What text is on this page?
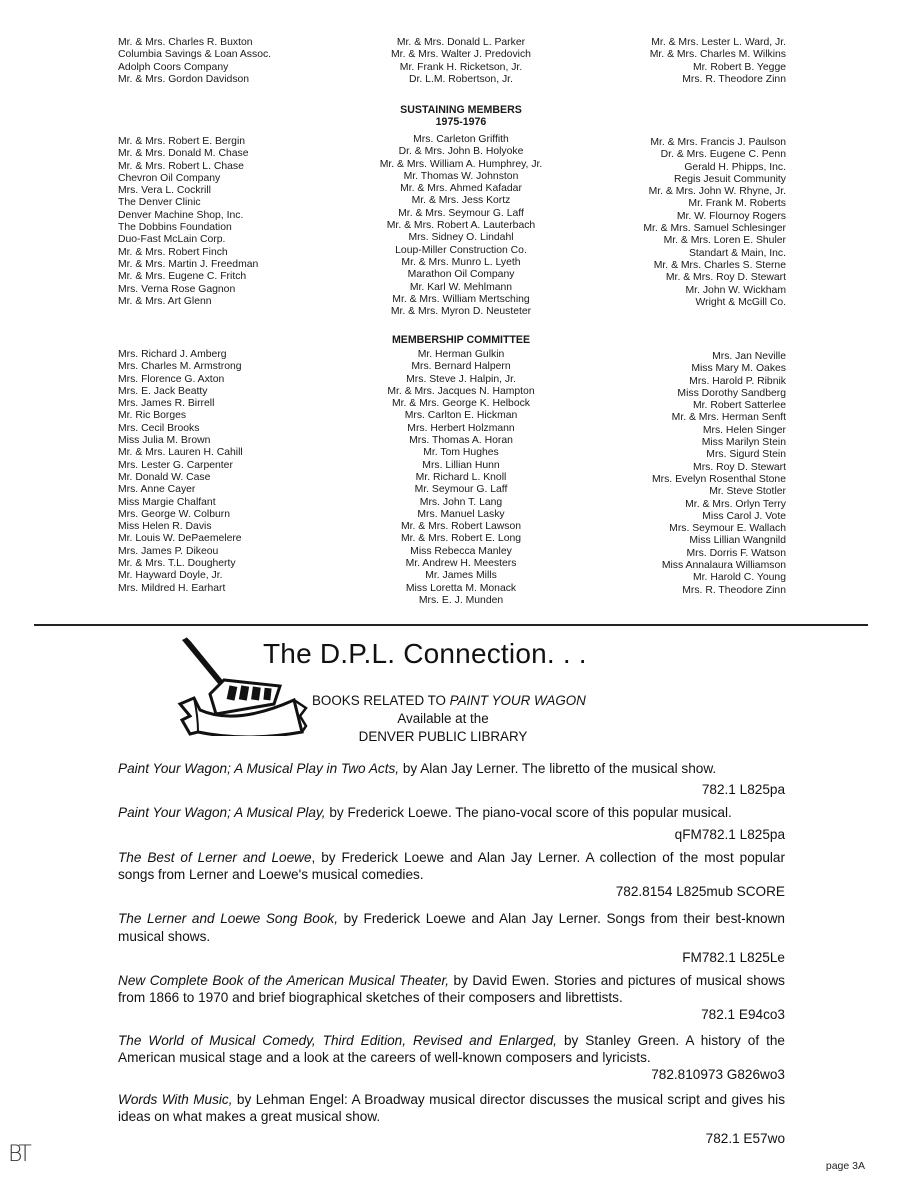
Mr. & Mrs. Charles R. Buxton
Columbia Savings & Loan Assoc.
Adolph Coors Company
Mr. & Mrs. Gordon Davidson
Mr. & Mrs. Donald L. Parker
Mr. & Mrs. Walter J. Predovich
Mr. Frank H. Ricketson, Jr.
Dr. L.M. Robertson, Jr.
Mr. & Mrs. Lester L. Ward, Jr.
Mr. & Mrs. Charles M. Wilkins
Mr. Robert B. Yegge
Mrs. R. Theodore Zinn
SUSTAINING MEMBERS
1975-1976
Mr. & Mrs. Robert E. Bergin
Mr. & Mrs. Donald M. Chase
Mr. & Mrs. Robert L. Chase
Chevron Oil Company
Mrs. Vera L. Cockrill
The Denver Clinic
Denver Machine Shop, Inc.
The Dobbins Foundation
Duo-Fast McLain Corp.
Mr. & Mrs. Robert Finch
Mr. & Mrs. Martin J. Freedman
Mr. & Mrs. Eugene C. Fritch
Mrs. Verna Rose Gagnon
Mr. & Mrs. Art Glenn
Mrs. Carleton Griffith
Dr. & Mrs. John B. Holyoke
Mr. & Mrs. William A. Humphrey, Jr.
Mr. Thomas W. Johnston
Mr. & Mrs. Ahmed Kafadar
Mr. & Mrs. Jess Kortz
Mr. & Mrs. Seymour G. Laff
Mr. & Mrs. Robert A. Lauterbach
Mrs. Sidney O. Lindahl
Loup-Miller Construction Co.
Mr. & Mrs. Munro L. Lyeth
Marathon Oil Company
Mr. Karl W. Mehlmann
Mr. & Mrs. William Mertsching
Mr. & Mrs. Myron D. Neusteter
Mr. & Mrs. Francis J. Paulson
Dr. & Mrs. Eugene C. Penn
Gerald H. Phipps, Inc.
Regis Jesuit Community
Mr. & Mrs. John W. Rhyne, Jr.
Mr. Frank M. Roberts
Mr. W. Flournoy Rogers
Mr. & Mrs. Samuel Schlesinger
Mr. & Mrs. Loren E. Shuler
Standart & Main, Inc.
Mr. & Mrs. Charles S. Sterne
Mr. & Mrs. Roy D. Stewart
Mr. John W. Wickham
Wright & McGill Co.
MEMBERSHIP COMMITTEE
Mrs. Richard J. Amberg
Mrs. Charles M. Armstrong
Mrs. Florence G. Axton
Mrs. E. Jack Beatty
Mrs. James R. Birrell
Mr. Ric Borges
Mrs. Cecil Brooks
Miss Julia M. Brown
Mr. & Mrs. Lauren H. Cahill
Mrs. Lester G. Carpenter
Mr. Donald W. Case
Mrs. Anne Cayer
Miss Margie Chalfant
Mrs. George W. Colburn
Miss Helen R. Davis
Mr. Louis W. DePaemelere
Mrs. James P. Dikeou
Mr. & Mrs. T.L. Dougherty
Mr. Hayward Doyle, Jr.
Mrs. Mildred H. Earhart
Mr. Herman Gulkin
Mrs. Bernard Halpern
Mrs. Steve J. Halpin, Jr.
Mr. & Mrs. Jacques N. Hampton
Mr. & Mrs. George K. Helbock
Mrs. Carlton E. Hickman
Mrs. Herbert Holzmann
Mrs. Thomas A. Horan
Mr. Tom Hughes
Mrs. Lillian Hunn
Mr. Richard L. Knoll
Mr. Seymour G. Laff
Mrs. John T. Lang
Mrs. Manuel Lasky
Mr. & Mrs. Robert Lawson
Mr. & Mrs. Robert E. Long
Miss Rebecca Manley
Mr. Andrew H. Meesters
Mr. James Mills
Miss Loretta M. Monack
Mrs. E. J. Munden
Mrs. Jan Neville
Miss Mary M. Oakes
Mrs. Harold P. Ribnik
Miss Dorothy Sandberg
Mr. Robert Satterlee
Mr. & Mrs. Herman Senft
Mrs. Helen Singer
Miss Marilyn Stein
Mrs. Sigurd Stein
Mrs. Roy D. Stewart
Mrs. Evelyn Rosenthal Stone
Mr. Steve Stotler
Mr. & Mrs. Orlyn Terry
Miss Carol J. Vote
Mrs. Seymour E. Wallach
Miss Lillian Wangnild
Mrs. Dorris F. Watson
Miss Annalaura Williamson
Mr. Harold C. Young
Mrs. R. Theodore Zinn
The D.P.L. Connection. . .
BOOKS RELATED TO PAINT YOUR WAGON
Available at the
DENVER PUBLIC LIBRARY
Paint Your Wagon; A Musical Play in Two Acts, by Alan Jay Lerner. The libretto of the musical show.
782.1 L825pa
Paint Your Wagon; A Musical Play, by Frederick Loewe. The piano-vocal score of this popular musical.
qFM782.1 L825pa
The Best of Lerner and Loewe, by Frederick Loewe and Alan Jay Lerner. A collection of the most popular songs from Lerner and Loewe's musical comedies.
782.8154 L825mub SCORE
The Lerner and Loewe Song Book, by Frederick Loewe and Alan Jay Lerner. Songs from their best-known musical shows.
FM782.1 L825Le
New Complete Book of the American Musical Theater, by David Ewen. Stories and pictures of musical shows from 1866 to 1970 and brief biographical sketches of their composers and librettists.
782.1 E94co3
The World of Musical Comedy, Third Edition, Revised and Enlarged, by Stanley Green. A history of the American musical stage and a look at the careers of well-known composers and lyricists.
782.810973 G826wo3
Words With Music, by Lehman Engel: A Broadway musical director discusses the musical script and gives his ideas on what makes a great musical show.
782.1 E57wo
BT	page 3A
